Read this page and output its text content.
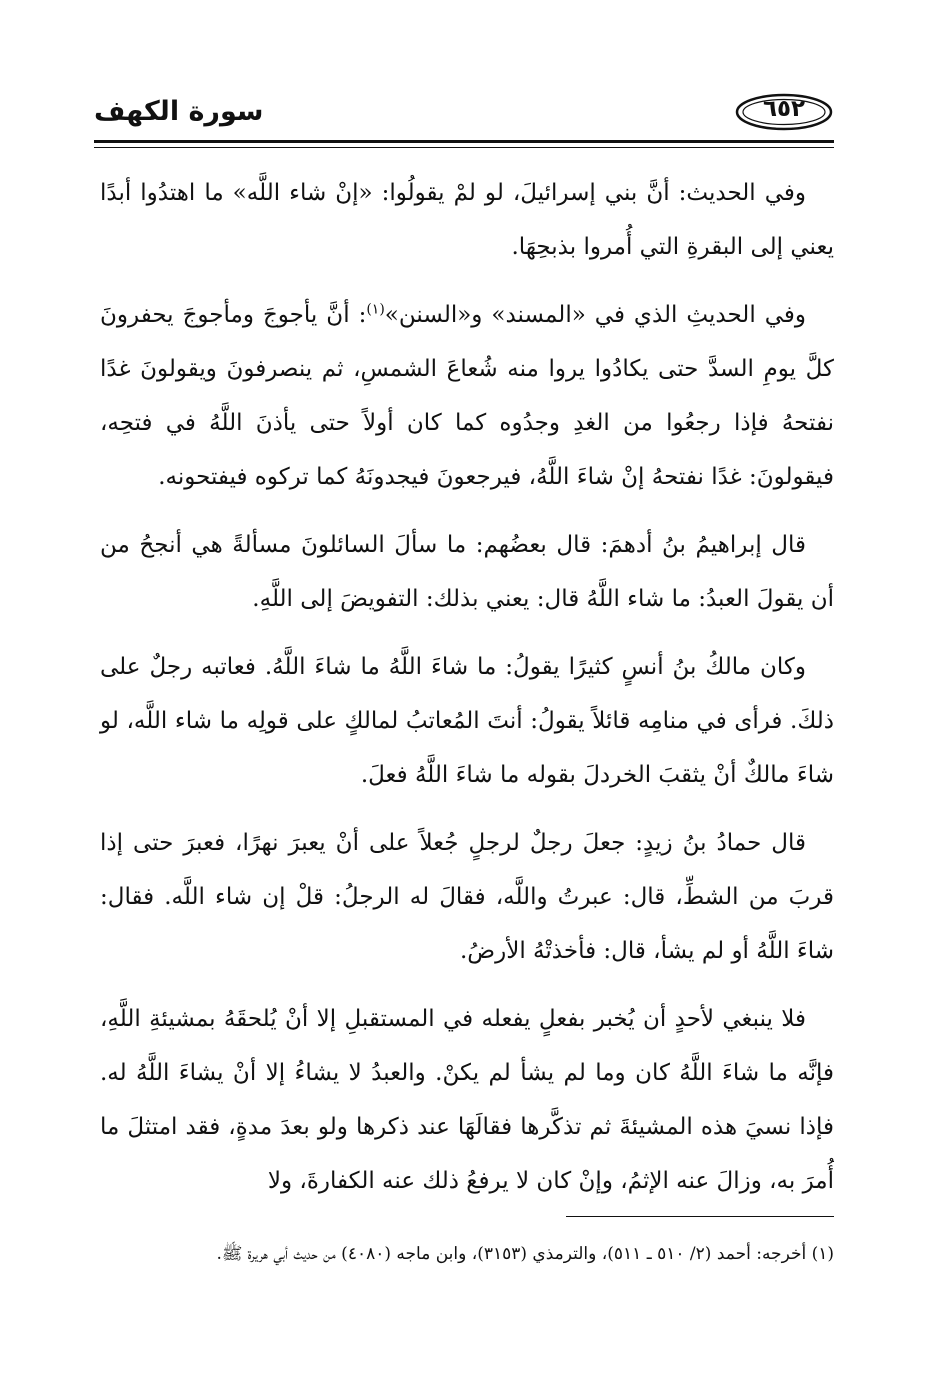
سورة الكهف	٦٥٢

وفي الحديث: أنَّ بني إسرائيلَ، لو لمْ يقولُوا: «إنْ شاء اللَّه» ما اهتدُوا أبدًا يعني إلى البقرةِ التي أُمروا بذبحِهَا.

وفي الحديثِ الذي في «المسند» و«السنن»$^{(١)}$: أنَّ يأجوجَ ومأجوجَ يحفرونَ كلَّ يومِ السدَّ حتى يكادُوا يروا منه شُعاعَ الشمسِ، ثم ينصرفونَ ويقولونَ غدًا نفتحهُ فإذا رجعُوا من الغدِ وجدُوه كما كان أولاً حتى يأذنَ اللَّهُ في فتحِه، فيقولونَ: غدًا نفتحهُ إنْ شاءَ اللَّهُ، فيرجعونَ فيجدونَهُ كما تركوه فيفتحونه.

قال إبراهيمُ بنُ أدهمَ: قال بعضُهم: ما سألَ السائلونَ مسألةً هي أنجحُ من أن يقولَ العبدُ: ما شاء اللَّهُ قال: يعني بذلك: التفويضَ إلى اللَّهِ.

وكان مالكُ بنُ أنسٍ كثيرًا يقولُ: ما شاءَ اللَّهُ ما شاءَ اللَّهُ. فعاتبه رجلٌ على ذلكَ. فرأى في منامِه قائلاً يقولُ: أنتَ المُعاتبُ لمالكٍ على قولِه ما شاء اللَّه، لو شاءَ مالكٌ أنْ يثقبَ الخردلَ بقوله ما شاءَ اللَّهُ فعلَ.

قال حمادُ بنُ زيدٍ: جعلَ رجلٌ لرجلٍ جُعلاً على أنْ يعبرَ نهرًا، فعبرَ حتى إذا قربَ من الشطِّ، قال: عبرتُ واللَّه، فقالَ له الرجلُ: قلْ إن شاء اللَّه. فقال: شاءَ اللَّهُ أو لم يشأ، قال: فأخذتْهُ الأرضُ.

فلا ينبغي لأحدٍ أن يُخبر بفعلٍ يفعله في المستقبلِ إلا أنْ يُلحقَهُ بمشيئةِ اللَّهِ، فإنَّه ما شاءَ اللَّهُ كان وما لم يشأ لم يكنْ. والعبدُ لا يشاءُ إلا أنْ يشاءَ اللَّهُ له. فإذا نسيَ هذه المشيئةَ ثم تذكَّرها فقالَهَا عند ذكرها ولو بعدَ مدةٍ، فقد امتثلَ ما أُمرَ به، وزالَ عنه الإثمُ، وإنْ كان لا يرفعُ ذلك عنه الكفارةَ، ولا

(١) أخرجه: أحمد (٢/ ٥١٠ ـ ٥١١)، والترمذي (٣١٥٣)، وابن ماجه (٤٠٨٠) من حديث أبي هريرة ﷺ.
